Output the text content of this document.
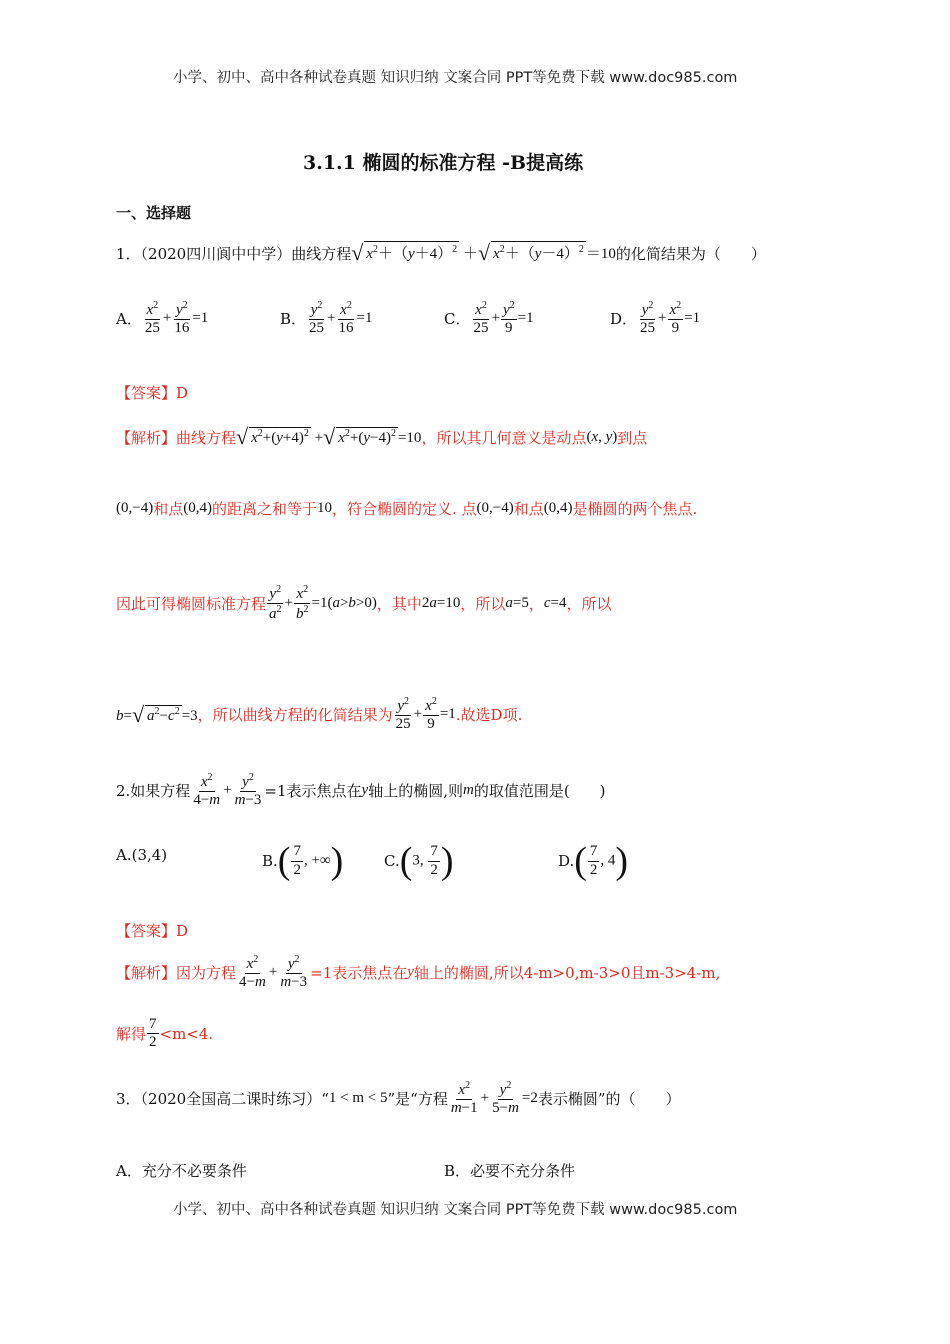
小学、初中、高中各种试卷真题 知识归纳 文案合同 PPT等免费下载 www.doc985.com
3.1.1 椭圆的标准方程 -B提高练
一、选择题
1．（2020四川阆中中学）曲线方程 √ $x^2+(y+4)^2$ ＋√ $x^2+(y-4)^2 =10$ 的化简结果为（　　）
A． $\frac{x^2}{25} + \frac{y^2}{16} =1$	B． $\frac{y^2}{25} + \frac{x^2}{16} =1$	C． $\frac{x^2}{25} + \frac{y^2}{9} =1$	D． $\frac{y^2}{25} + \frac{x^2}{9} =1$
【答案】D
【解析】 曲线方程 √ $x^2+(y+4)^2$ +√ $x^2+(y-4)^2 =10$ ，所以其几何意义是动点 (x, y) 到点
(0,−4) 和点 (0,4) 的距离之和等于 10 ，符合椭圆的定义. 点 (0,−4) 和点 (0,4) 是椭圆的两个焦点.
因此可得椭圆标准方程 $\frac{y^2}{a^2} + \frac{x^2}{b^2} =1(a>b>0)$ ，其中 2a=10 ，所以 a=5 ， c=4 ，所以
b=√ $a^2-c^2 =3$ ，所以曲线方程的化简结果为 $\frac{y^2}{25} + \frac{x^2}{9} =1$ .故选D项.
2.如果方程 $\frac{x^2}{4-m} + \frac{y^2}{m-3} =1$表示焦点在 y 轴上的椭圆,则 m 的取值范围是(　　)
A.(3,4)	B. ( $\frac{7}{2}$ , +∞)	C. (3, $\frac{7}{2}$ )	D. ( $\frac{7}{2}$ , 4)
【答案】D
【解析】 因为方程 $\frac{x^2}{4-m} + \frac{y^2}{m-3} =1$表示焦点在 y 轴上的椭圆,所以 4-m>0,m-3>0且m-3>4-m,
解得 $\frac{7}{2} <m<4$.
3．（2020全国高二课时练习）“ 1 < m < 5 ”是“方程 $\frac{x^2}{m-1} + \frac{y^2}{5-m} =2$ 表示椭圆”的（　　）
A．充分不必要条件	B．必要不充分条件
小学、初中、高中各种试卷真题 知识归纳 文案合同 PPT等免费下载 www.doc985.com
